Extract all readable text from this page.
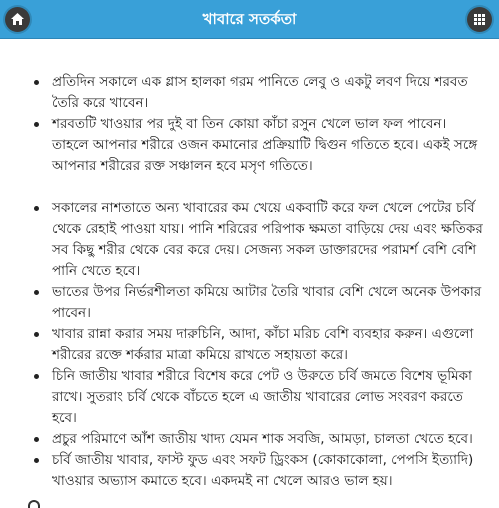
খাবারে সতর্কতা
প্রতিদিন সকালে এক গ্লাস হালকা গরম পানিতে লেবু ও একটু লবণ দিয়ে শরবত তৈরি করে খাবেন।
শরবতটি খাওয়ার পর দুই বা তিন কোয়া কাঁচা রসুন খেলে ভাল ফল পাবেন। তাহলে আপনার শরীরে ওজন কমানোর প্রক্রিয়াটি দ্বিগুন গতিতে হবে। একই সঙ্গে আপনার শরীরের রক্ত সঞ্চালন হবে মসৃণ গতিতে।
সকালের নাশতাতে অন্য খাবারের কম খেয়ে একবাটি করে ফল খেলে পেটের চর্বি থেকে রেহাই পাওয়া যায়। পানি শরিরের পরিপাক ক্ষমতা বাড়িয়ে দেয় এবং ক্ষতিকর সব কিছু শরীর থেকে বের করে দেয়। সেজন্য সকল ডাক্তারদের পরামর্শ বেশি বেশি পানি খেতে হবে।
ভাতের উপর নির্ভরশীলতা কমিয়ে আটার তৈরি খাবার বেশি খেলে অনেক উপকার পাবেন।
খাবার রান্না করার সময় দারুচিনি, আদা, কাঁচা মরিচ বেশি ব্যবহার করুন। এগুলো শরীরের রক্তে শর্করার মাত্রা কমিয়ে রাখতে সহায়তা করে।
চিনি জাতীয় খাবার শরীরে বিশেষ করে পেট ও উরুতে চর্বি জমতে বিশেষ ভূমিকা রাখে। সুতরাং চর্বি থেকে বাঁচতে হলে এ জাতীয় খাবারের লোভ সংবরণ করতে হবে।
প্রচুর পরিমাণে আঁশ জাতীয় খাদ্য যেমন শাক সবজি, আমড়া, চালতা খেতে হবে।
চর্বি জাতীয় খাবার, ফাস্ট ফুড এবং সফট ড্রিংকস (কোকাকোলা, পেপসি ইত্যাদি) খাওয়ার অভ্যাস কমাতে হবে। একদমই না খেলে আরও ভাল হয়।
